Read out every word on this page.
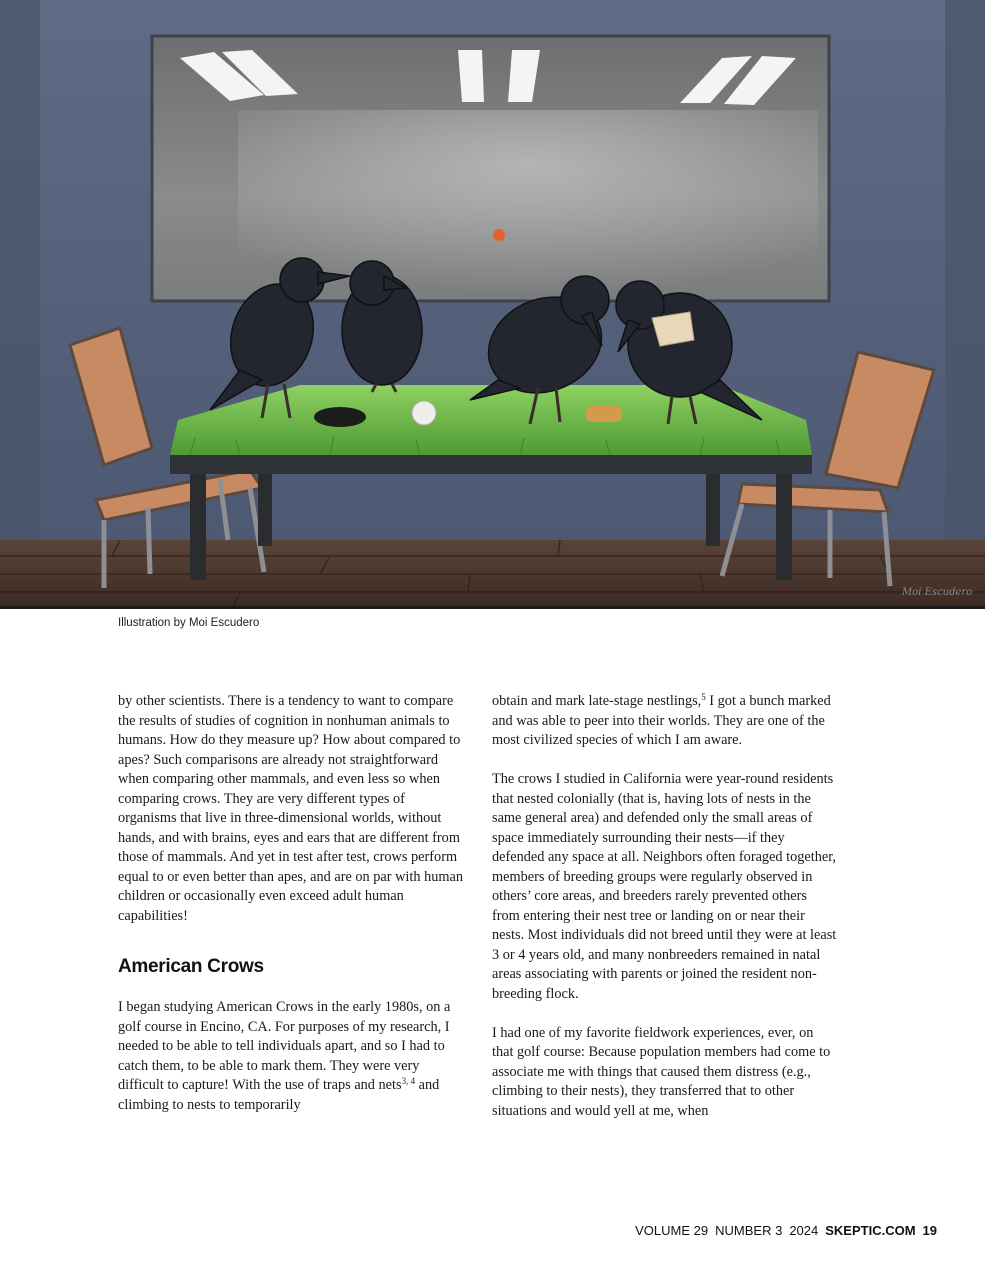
Moi Escudero
Illustration by Moi Escudero

by other scientists. There is a tendency to want to compare the results of studies of cognition in nonhuman animals to humans. How do they measure up? How about compared to apes? Such comparisons are already not straightforward when comparing other mammals, and even less so when comparing crows. They are very different types of organisms that live in three-dimensional worlds, without hands, and with brains, eyes and ears that are different from those of mammals. And yet in test after test, crows perform equal to or even better than apes, and are on par with human children or occasionally even exceed adult human capabilities!

American Crows

I began studying American Crows in the early 1980s, on a golf course in Encino, CA. For purposes of my research, I needed to be able to tell individuals apart, and so I had to catch them, to be able to mark them. They were very difficult to capture! With the use of traps and nets$^{3, 4}$ and climbing to nests to temporarily

obtain and mark late-stage nestlings,$^5$ I got a bunch marked and was able to peer into their worlds. They are one of the most civilized species of which I am aware.

The crows I studied in California were year-round residents that nested colonially (that is, having lots of nests in the same general area) and defended only the small areas of space immediately surrounding their nests—if they defended any space at all. Neighbors often foraged together, members of breeding groups were regularly observed in others’ core areas, and breeders rarely prevented others from entering their nest tree or landing on or near their nests. Most individuals did not breed until they were at least 3 or 4 years old, and many nonbreeders remained in natal areas associating with parents or joined the resident non-breeding flock.

I had one of my favorite fieldwork experiences, ever, on that golf course: Because population members had come to associate me with things that caused them distress (e.g., climbing to their nests), they transferred that to other situations and would yell at me, when

VOLUME 29 NUMBER 3 2024 SKEPTIC.COM 19
